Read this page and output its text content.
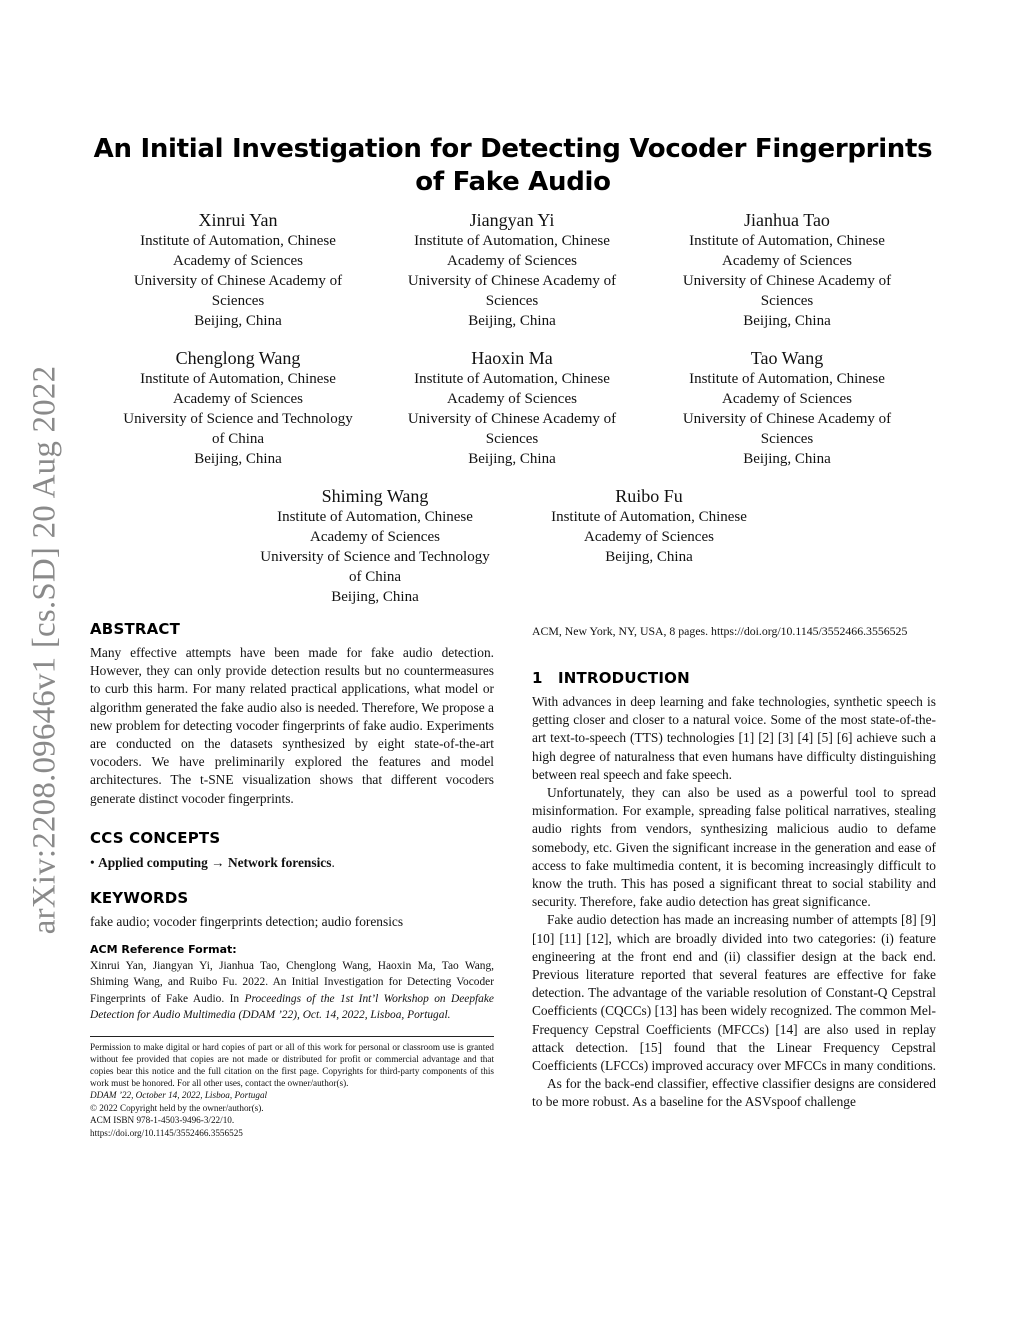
arXiv:2208.09646v1 [cs.SD] 20 Aug 2022
An Initial Investigation for Detecting Vocoder Fingerprints of Fake Audio
Xinrui Yan
Institute of Automation, Chinese
Academy of Sciences
University of Chinese Academy of
Sciences
Beijing, China
Jiangyan Yi
Institute of Automation, Chinese
Academy of Sciences
University of Chinese Academy of
Sciences
Beijing, China
Jianhua Tao
Institute of Automation, Chinese
Academy of Sciences
University of Chinese Academy of
Sciences
Beijing, China
Chenglong Wang
Institute of Automation, Chinese
Academy of Sciences
University of Science and Technology
of China
Beijing, China
Haoxin Ma
Institute of Automation, Chinese
Academy of Sciences
University of Chinese Academy of
Sciences
Beijing, China
Tao Wang
Institute of Automation, Chinese
Academy of Sciences
University of Chinese Academy of
Sciences
Beijing, China
Shiming Wang
Institute of Automation, Chinese
Academy of Sciences
University of Science and Technology
of China
Beijing, China
Ruibo Fu
Institute of Automation, Chinese
Academy of Sciences
Beijing, China
ABSTRACT

Many effective attempts have been made for fake audio detection. However, they can only provide detection results but no countermeasures to curb this harm. For many related practical applications, what model or algorithm generated the fake audio also is needed. Therefore, We propose a new problem for detecting vocoder fingerprints of fake audio. Experiments are conducted on the datasets synthesized by eight state-of-the-art vocoders. We have preliminarily explored the features and model architectures. The t-SNE visualization shows that different vocoders generate distinct vocoder fingerprints.

CCS CONCEPTS

• Applied computing → Network forensics.

KEYWORDS

fake audio; vocoder fingerprints detection; audio forensics

ACM Reference Format:

Xinrui Yan, Jiangyan Yi, Jianhua Tao, Chenglong Wang, Haoxin Ma, Tao Wang, Shiming Wang, and Ruibo Fu. 2022. An Initial Investigation for Detecting Vocoder Fingerprints of Fake Audio. In Proceedings of the 1st Int’l Workshop on Deepfake Detection for Audio Multimedia (DDAM ’22), Oct. 14, 2022, Lisboa, Portugal.

Permission to make digital or hard copies of part or all of this work for personal or classroom use is granted without fee provided that copies are not made or distributed for profit or commercial advantage and that copies bear this notice and the full citation on the first page. Copyrights for third-party components of this work must be honored. For all other uses, contact the owner/author(s).

DDAM ’22, October 14, 2022, Lisboa, Portugal

© 2022 Copyright held by the owner/author(s).

ACM ISBN 978-1-4503-9496-3/22/10.

https://doi.org/10.1145/3552466.3556525

ACM, New York, NY, USA, 8 pages. https://doi.org/10.1145/3552466.3556525

1 INTRODUCTION

With advances in deep learning and fake technologies, synthetic speech is getting closer and closer to a natural voice. Some of the most state-of-the-art text-to-speech (TTS) technologies [1] [2] [3] [4] [5] [6] achieve such a high degree of naturalness that even humans have difficulty distinguishing between real speech and fake speech.

Unfortunately, they can also be used as a powerful tool to spread misinformation. For example, spreading false political narratives, stealing audio rights from vendors, synthesizing malicious audio to defame somebody, etc. Given the significant increase in the generation and ease of access to fake multimedia content, it is becoming increasingly difficult to know the truth. This has posed a significant threat to social stability and security. Therefore, fake audio detection has great significance.

Fake audio detection has made an increasing number of attempts [8] [9] [10] [11] [12], which are broadly divided into two categories: (i) feature engineering at the front end and (ii) classifier design at the back end. Previous literature reported that several features are effective for fake detection. The advantage of the variable resolution of Constant-Q Cepstral Coefficients (CQCCs) [13] has been widely recognized. The common Mel-Frequency Cepstral Coefficients (MFCCs) [14] are also used in replay attack detection. [15] found that the Linear Frequency Cepstral Coefficients (LFCCs) improved accuracy over MFCCs in many conditions.

As for the back-end classifier, effective classifier designs are considered to be more robust. As a baseline for the ASVspoof challenge
